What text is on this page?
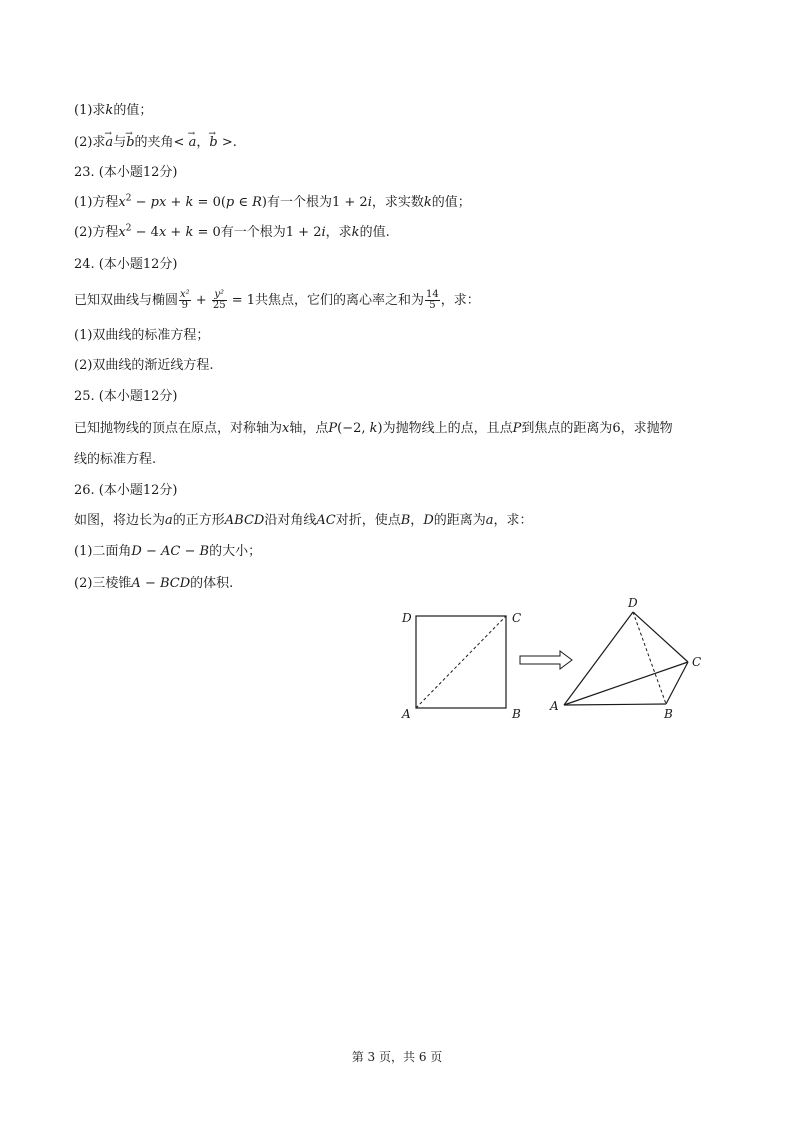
(1)求k的值；
(2)求→ a与→ b的夹角< → a，→ b >.
23. (本小题12分)
(1)方程$x^2$ − px + k = 0(p ∈ R)有一个根为1 + 2i，求实数k的值；
(2)方程$x^2 - 4x + k = 0$有一个根为1 + 2i，求k的值.
24. (本小题12分)
已知双曲线与椭圆 $\frac{\text{x²}}{9} + \frac{\text{y²}}{25} = 1$共焦点，它们的离心率之和为 $\frac{14}{5}$ ，求：
(1)双曲线的标准方程；
(2)双曲线的渐近线方程.
25. (本小题12分)
已知抛物线的顶点在原点，对称轴为x轴，点P(−2, k)为抛物线上的点，且点P到焦点的距离为6，求抛物
线的标准方程.
26. (本小题12分)
如图，将边长为a的正方形ABCD沿对角线AC对折，使点B，D的距离为a，求：
(1)二面角D − AC − B的大小；
(2)三棱锥A − BCD的体积.
D	C
A	B
D
C
A
B
第 3 页，共 6 页
